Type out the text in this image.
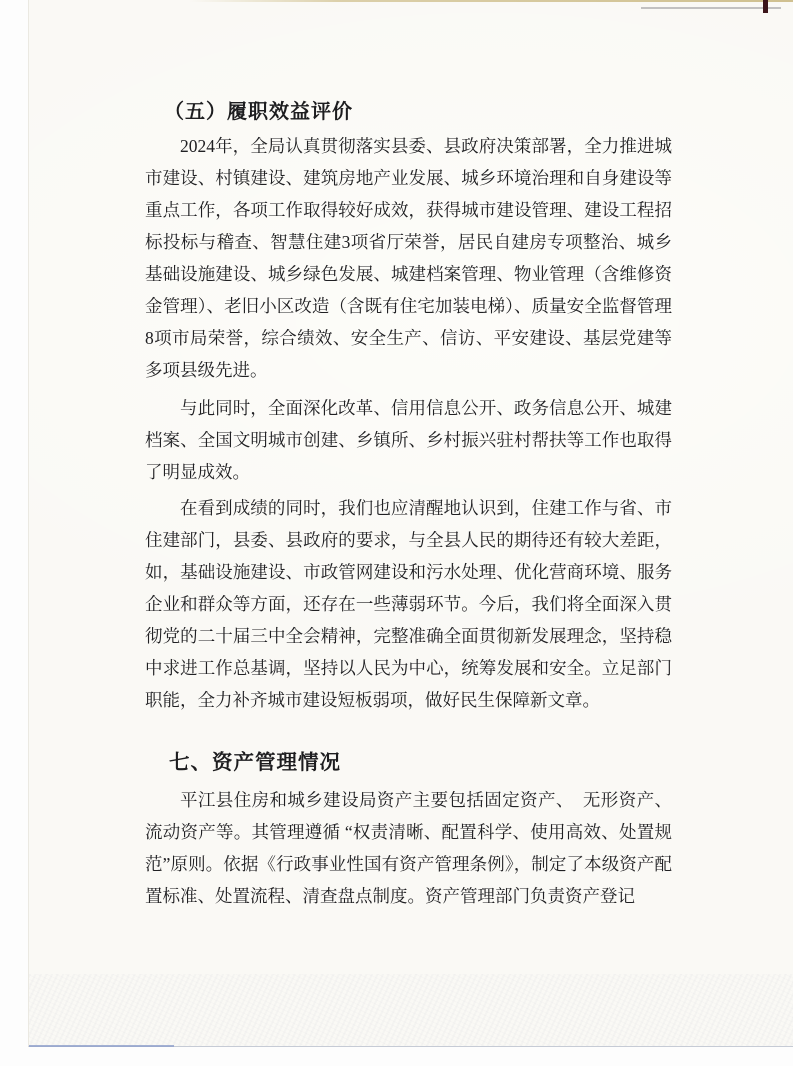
（五）履职效益评价

2024年，全局认真贯彻落实县委、县政府决策部署，全力推进城市建设、村镇建设、建筑房地产业发展、城乡环境治理和自身建设等重点工作，各项工作取得较好成效，获得城市建设管理、建设工程招标投标与稽查、智慧住建3项省厅荣誉，居民自建房专项整治、城乡基础设施建设、城乡绿色发展、城建档案管理、物业管理（含维修资金管理）、老旧小区改造（含既有住宅加装电梯）、质量安全监督管理8项市局荣誉，综合绩效、安全生产、信访、平安建设、基层党建等多项县级先进。

与此同时，全面深化改革、信用信息公开、政务信息公开、城建档案、全国文明城市创建、乡镇所、乡村振兴驻村帮扶等工作也取得了明显成效。

在看到成绩的同时，我们也应清醒地认识到，住建工作与省、市住建部门，县委、县政府的要求，与全县人民的期待还有较大差距，如，基础设施建设、市政管网建设和污水处理、优化营商环境、服务企业和群众等方面，还存在一些薄弱环节。今后，我们将全面深入贯彻党的二十届三中全会精神，完整准确全面贯彻新发展理念，坚持稳中求进工作总基调，坚持以人民为中心，统筹发展和安全。立足部门职能，全力补齐城市建设短板弱项，做好民生保障新文章。

七、资产管理情况

平江县住房和城乡建设局资产主要包括固定资产、　无形资产、流动资产等。其管理遵循 “权责清晰、配置科学、使用高效、处置规范”原则。依据《行政事业性国有资产管理条例》，制定了本级资产配置标准、处置流程、清查盘点制度。资产管理部门负责资产登记
